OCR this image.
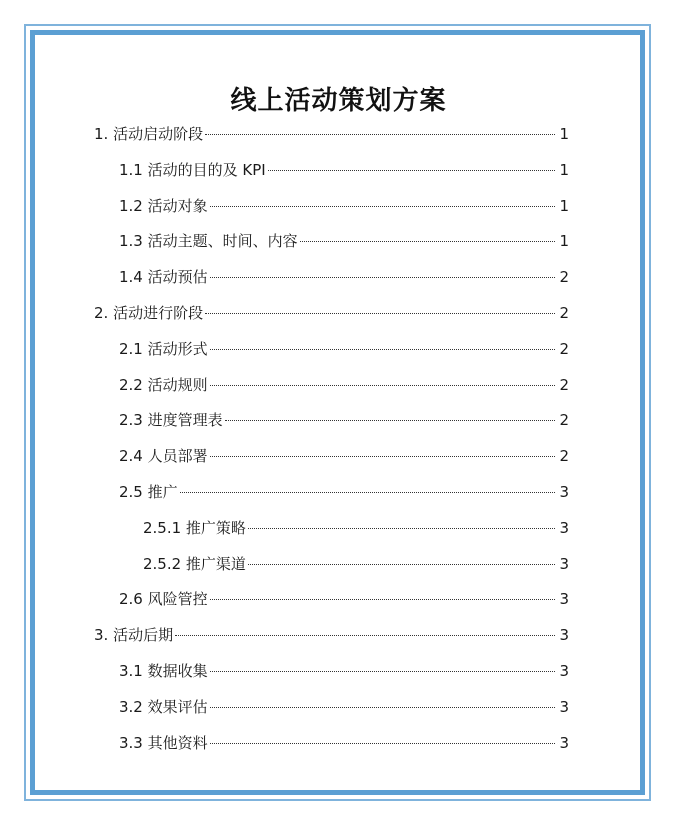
线上活动策划方案
1. 活动启动阶段	1
1.1 活动的目的及 KPI	1
1.2 活动对象	1
1.3 活动主题、时间、内容	1
1.4 活动预估	2
2. 活动进行阶段	2
2.1 活动形式	2
2.2 活动规则	2
2.3 进度管理表	2
2.4 人员部署	2
2.5 推广	3
2.5.1 推广策略	3
2.5.2 推广渠道	3
2.6 风险管控	3
3. 活动后期	3
3.1 数据收集	3
3.2 效果评估	3
3.3 其他资料	3
